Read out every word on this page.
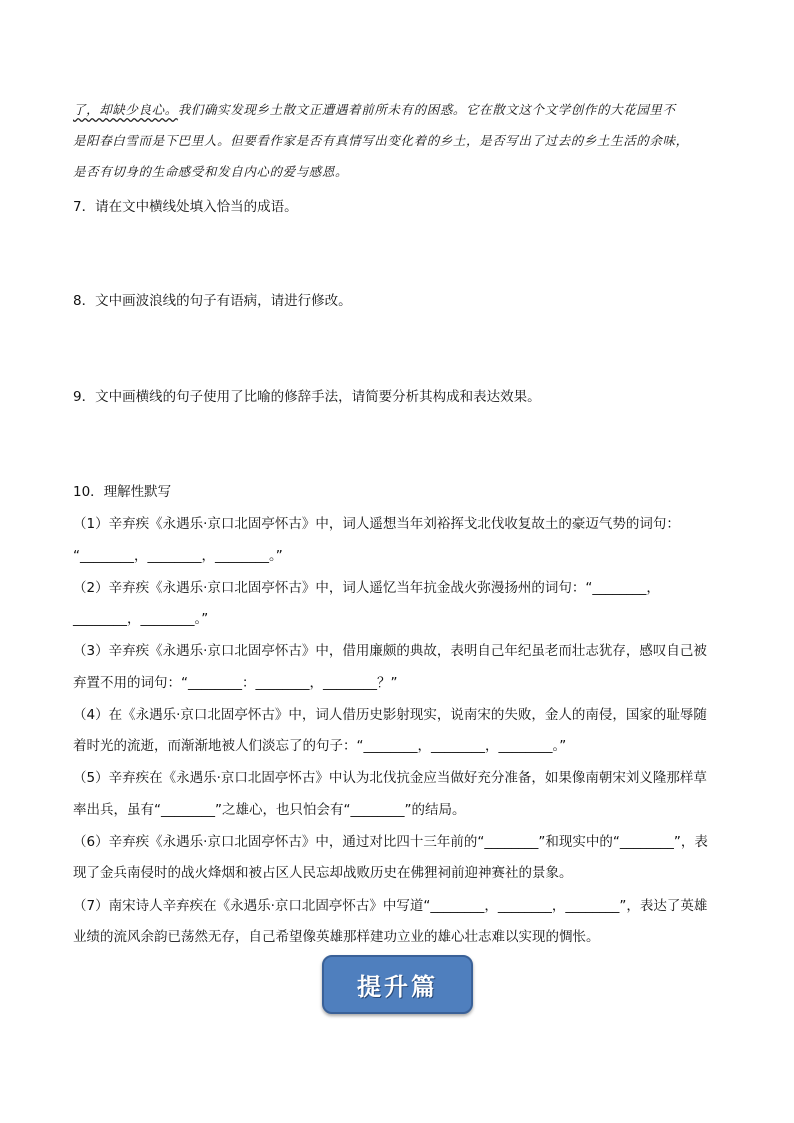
了，却缺少良心。我们确实发现乡土散文正遭遇着前所未有的困惑。它在散文这个文学创作的大花园里不
是阳春白雪而是下巴里人。但要看作家是否有真情写出变化着的乡土，是否写出了过去的乡土生活的余味，
是否有切身的生命感受和发自内心的爱与感恩。
7．请在文中横线处填入恰当的成语。
8．文中画波浪线的句子有语病，请进行修改。
9．文中画横线的句子使用了比喻的修辞手法，请简要分析其构成和表达效果。
10．理解性默写
（1）辛弃疾《永遇乐·京口北固亭怀古》中，词人遥想当年刘裕挥戈北伐收复故土的豪迈气势的词句：
“________，________，________。”
（2）辛弃疾《永遇乐·京口北固亭怀古》中，词人遥忆当年抗金战火弥漫扬州的词句：“________，
________，________。”
（3）辛弃疾《永遇乐·京口北固亭怀古》中，借用廉颇的典故，表明自己年纪虽老而壮志犹存，感叹自己被
弃置不用的词句：“________：________，________？”
（4）在《永遇乐·京口北固亭怀古》中，词人借历史影射现实，说南宋的失败，金人的南侵，国家的耻辱随
着时光的流逝，而渐渐地被人们淡忘了的句子：“________，________，________。”
（5）辛弃疾在《永遇乐·京口北固亭怀古》中认为北伐抗金应当做好充分准备，如果像南朝宋刘义隆那样草
率出兵，虽有“________”之雄心，也只怕会有“________”的结局。
（6）辛弃疾《永遇乐·京口北固亭怀古》中，通过对比四十三年前的“________”和现实中的“________”，表
现了金兵南侵时的战火烽烟和被占区人民忘却战败历史在佛狸祠前迎神赛社的景象。
（7）南宋诗人辛弃疾在《永遇乐·京口北固亭怀古》中写道“________，________，________”，表达了英雄
业绩的流风余韵已荡然无存，自己希望像英雄那样建功立业的雄心壮志难以实现的惆怅。
提升篇
